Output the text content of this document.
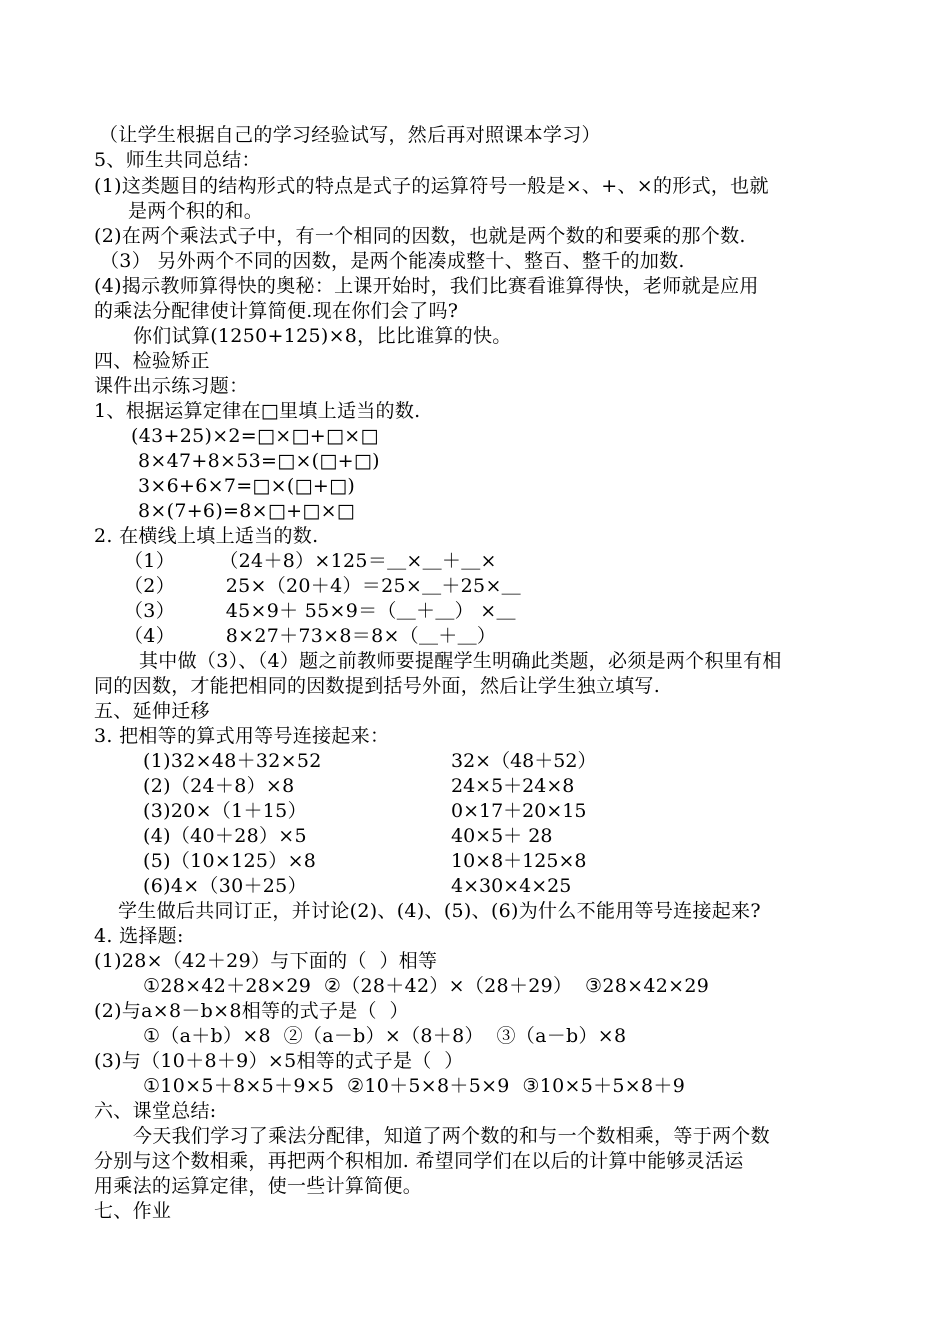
（让学生根据自己的学习经验试写，然后再对照课本学习）
5、师生共同总结：
(1)这类题目的结构形式的特点是式子的运算符号一般是×、+、×的形式，也就
是两个积的和。
(2)在两个乘法式子中，有一个相同的因数，也就是两个数的和要乘的那个数.
（3） 另外两个不同的因数，是两个能凑成整十、整百、整千的加数.
(4)揭示教师算得快的奥秘：上课开始时，我们比赛看谁算得快，老师就是应用
的乘法分配律使计算简便.现在你们会了吗?
你们试算(1250+125)×8，比比谁算的快。
四、检验矫正
课件出示练习题：
1、根据运算定律在□里填上适当的数.
(43+25)×2=□×□+□×□
8×47+8×53=□×(□+□)
3×6+6×7=□×(□+□)
8×(7+6)=8×□+□×□
2. 在横线上填上适当的数.
（1）       （24＋8）×125＝＿×＿＋＿×
（2）        25×（20＋4）＝25×＿＋25×＿
（3）        45×9＋ 55×9＝（＿＋＿） ×＿
（4）        8×27＋73×8＝8×（＿＋＿）
其中做（3）、（4）题之前教师要提醒学生明确此类题，必须是两个积里有相
同的因数，才能把相同的因数提到括号外面，然后让学生独立填写.
五、延伸迁移
3. 把相等的算式用等号连接起来：
(1)32×48＋32×52
(2)（24＋8）×8
(3)20×（1＋15）
(4)（40＋28）×5
(5)（10×125）×8
(6)4×（30＋25）
32×（48＋52）
24×5＋24×8
0×17＋20×15
40×5＋ 28
10×8＋125×8
4×30×4×25
学生做后共同订正，并讨论(2)、(4)、(5)、(6)为什么不能用等号连接起来?
4. 选择题:
(1)28×（42＋29）与下面的（  ）相等
①28×42＋28×29  ②（28＋42）×（28＋29）  ③28×42×29
(2)与a×8－b×8相等的式子是（  ）
①（a＋b）×8  ②（a－b）×（8＋8）  ③（a－b）×8
(3)与（10＋8＋9）×5相等的式子是（  ）
①10×5＋8×5＋9×5  ②10＋5×8＋5×9  ③10×5＋5×8＋9
六、课堂总结:
今天我们学习了乘法分配律，知道了两个数的和与一个数相乘，等于两个数
分别与这个数相乘，再把两个积相加. 希望同学们在以后的计算中能够灵活运
用乘法的运算定律，使一些计算简便。
七、作业
